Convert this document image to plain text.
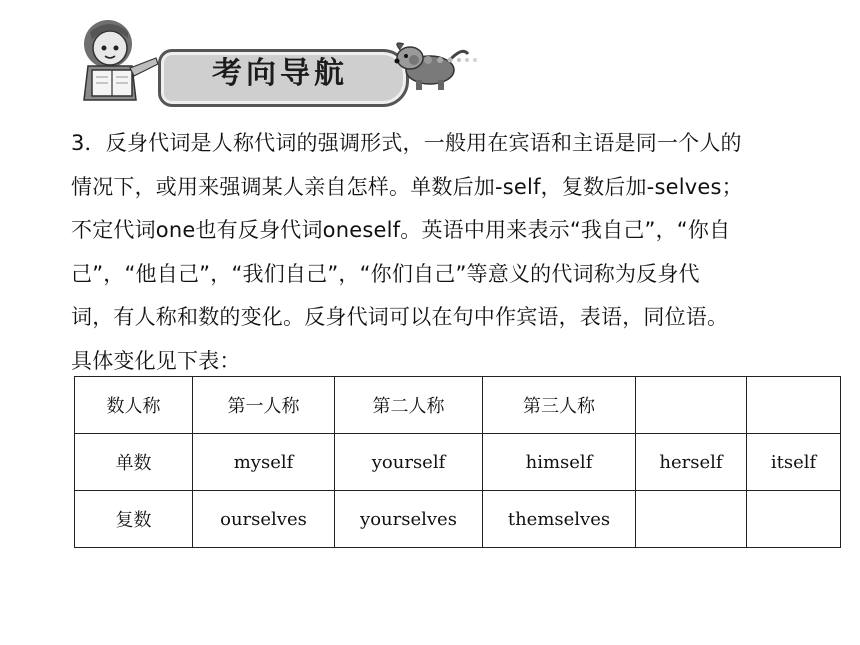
考向导航

3．反身代词是人称代词的强调形式，一般用在宾语和主语是同一个人的
情况下，或用来强调某人亲自怎样。单数后加-self，复数后加-selves；
不定代词one也有反身代词oneself。英语中用来表示“我自己”，“你自
己”，“他自己”，“我们自己”，“你们自己”等意义的代词称为反身代
词，有人称和数的变化。反身代词可以在句中作宾语，表语，同位语。
具体变化见下表：

数人称	第一人称	第二人称	第三人称		
单数	myself	yourself	himself	herself	itself
复数	ourselves	yourselves	themselves		
